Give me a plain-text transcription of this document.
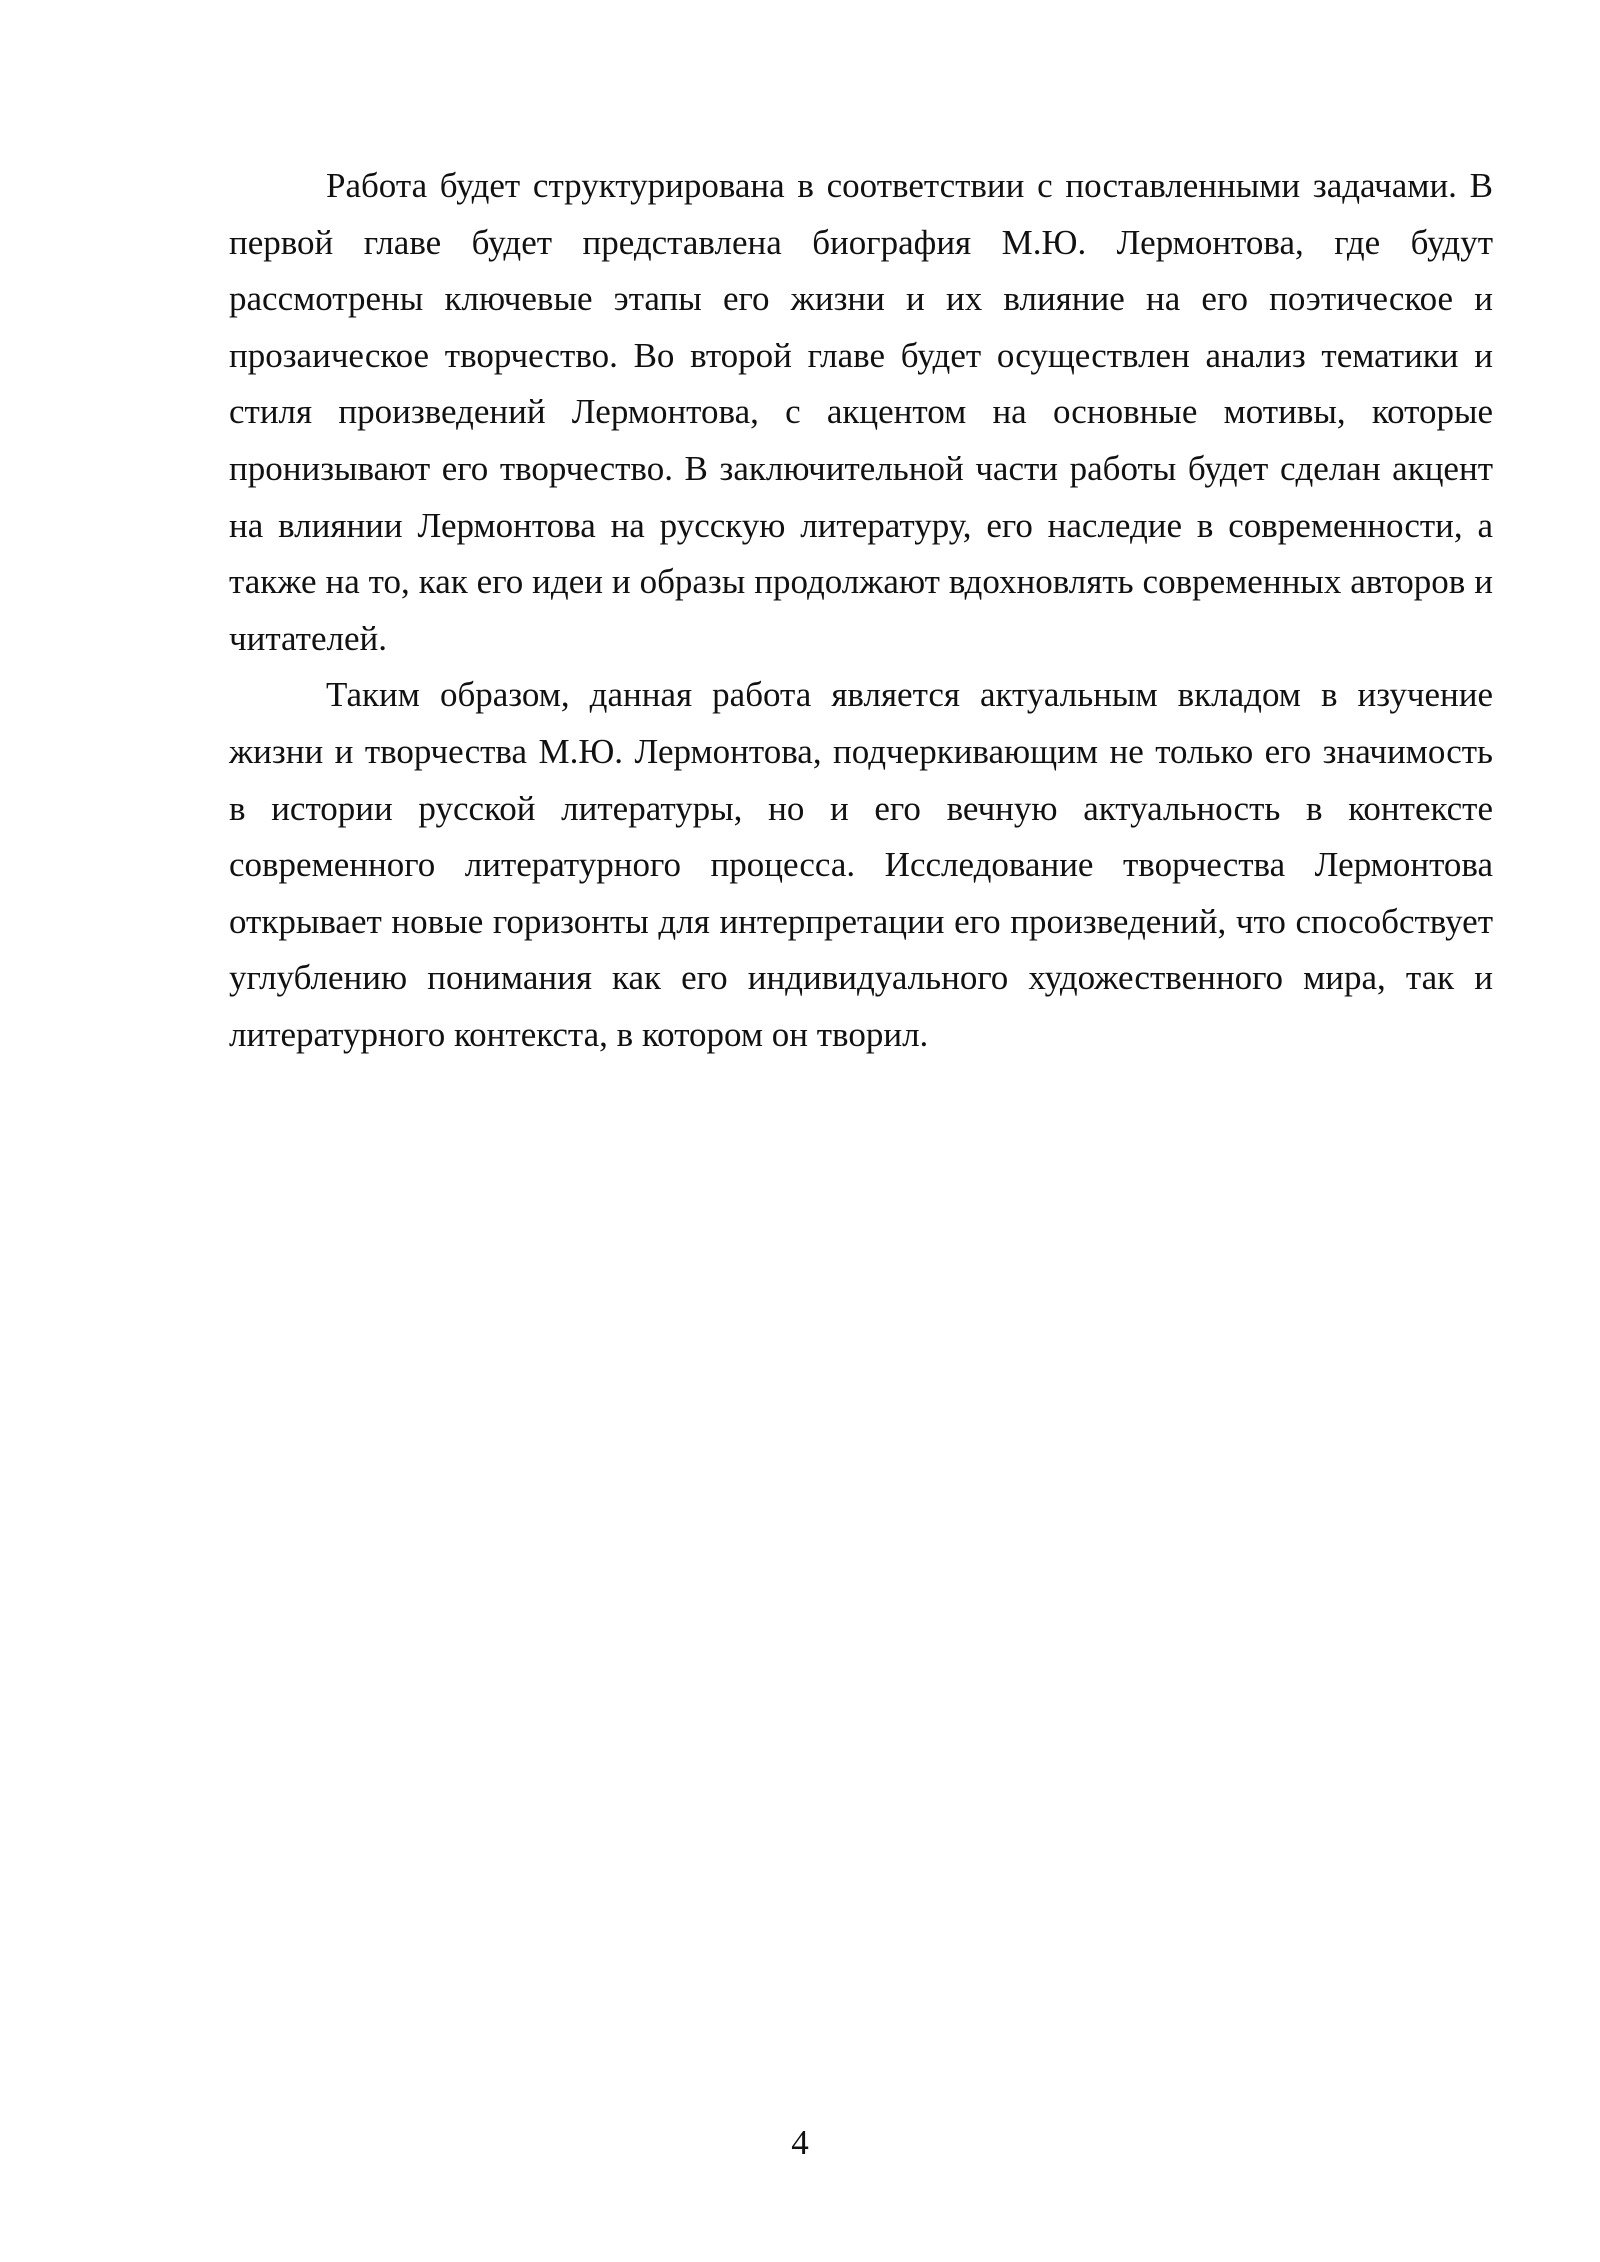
Работа будет структурирована в соответствии с поставленными задачами. В первой главе будет представлена биография М.Ю. Лермонтова, где будут рассмотрены ключевые этапы его жизни и их влияние на его поэтическое и прозаическое творчество. Во второй главе будет осуществлен анализ тематики и стиля произведений Лермонтова, с акцентом на основные мотивы, которые пронизывают его творчество. В заключительной части работы будет сделан акцент на влиянии Лермонтова на русскую литературу, его наследие в современности, а также на то, как его идеи и образы продолжают вдохновлять современных авторов и читателей.

Таким образом, данная работа является актуальным вкладом в изучение жизни и творчества М.Ю. Лермонтова, подчеркивающим не только его значимость в истории русской литературы, но и его вечную актуальность в контексте современного литературного процесса. Исследование творчества Лермонтова открывает новые горизонты для интерпретации его произведений, что способствует углублению понимания как его индивидуального художественного мира, так и литературного контекста, в котором он творил.

4
